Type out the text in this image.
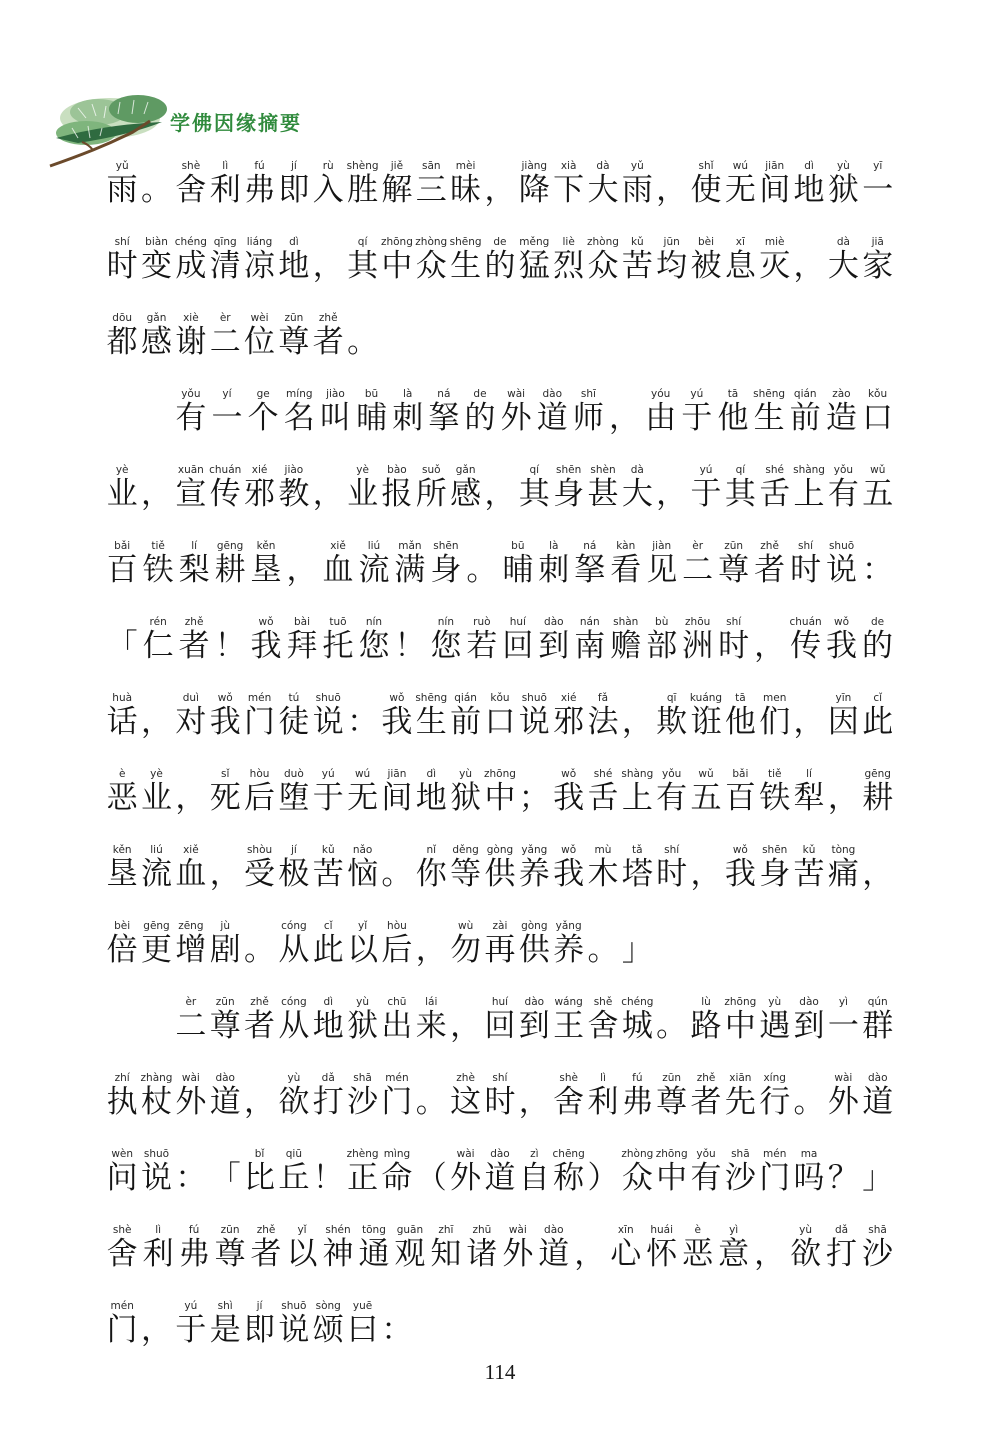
学佛因缘摘要
yǔ
雨 。
shè
舍
lì
利
fú
弗
jí
即
rù
入
shèng
胜
jiě
解
sān
三
mèi
昧 ，
jiàng
降
xià
下
dà
大
yǔ
雨 ，
shǐ
使
wú
无
jiān
间
dì
地
yù
狱
yī
一
shí
时
biàn
变
chéng
成
qīng
清
liáng
凉
dì
地 ，
qí
其
zhōng
中
zhòng
众
shēng
生
de
的
měng
猛
liè
烈
zhòng
众
kǔ
苦
jūn
均
bèi
被
xī
息
miè
灭 ，
dà
大
jiā
家
dōu
都
gǎn
感
xiè
谢
èr
二
wèi
位
zūn
尊
zhě
者 。
yǒu
有
yí
一
ge
个
míng
名
jiào
叫
bū
晡
là
刺
ná
拏
de
的
wài
外
dào
道
shī
师 ，
yóu
由
yú
于
tā
他
shēng
生
qián
前
zào
造
kǒu
口
yè
业 ，
xuān
宣
chuán
传
xié
邪
jiào
教 ，
yè
业
bào
报
suǒ
所
gǎn
感 ，
qí
其
shēn
身
shèn
甚
dà
大 ，
yú
于
qí
其
shé
舌
shàng
上
yǒu
有
wǔ
五
bǎi
百
tiě
铁
lí
梨
gēng
耕
kěn
垦 ，
xiě
血
liú
流
mǎn
满
shēn
身 。
bū
晡
là
刺
ná
拏
kàn
看
jiàn
见
èr
二
zūn
尊
zhě
者
shí
时
shuō
说 ：
「
rén
仁
zhě
者 ！
wǒ
我
bài
拜
tuō
托
nín
您 ！
nín
您
ruò
若
huí
回
dào
到
nán
南
shàn
赡
bù
部
zhōu
洲
shí
时 ，
chuán
传
wǒ
我
de
的
huà
话 ，
duì
对
wǒ
我
mén
门
tú
徒
shuō
说 ：
wǒ
我
shēng
生
qián
前
kǒu
口
shuō
说
xié
邪
fǎ
法 ，
qī
欺
kuáng
诳
tā
他
men
们 ，
yīn
因
cǐ
此
è
恶
yè
业 ，
sǐ
死
hòu
后
duò
堕
yú
于
wú
无
jiān
间
dì
地
yù
狱
zhōng
中 ；
wǒ
我
shé
舌
shàng
上
yǒu
有
wǔ
五
bǎi
百
tiě
铁
lí
犁 ，
gēng
耕
kěn
垦
liú
流
xiě
血 ，
shòu
受
jí
极
kǔ
苦
nǎo
恼 。
nǐ
你
děng
等
gòng
供
yǎng
养
wǒ
我
mù
木
tǎ
塔
shí
时 ，
wǒ
我
shēn
身
kǔ
苦
tòng
痛 ，
bèi
倍
gēng
更
zēng
增
jù
剧 。
cóng
从
cǐ
此
yǐ
以
hòu
后 ，
wù
勿
zài
再
gòng
供
yǎng
养 。 」
èr
二
zūn
尊
zhě
者
cóng
从
dì
地
yù
狱
chū
出
lái
来 ，
huí
回
dào
到
wáng
王
shě
舍
chéng
城 。
lù
路
zhōng
中
yù
遇
dào
到
yì
一
qún
群
zhí
执
zhàng
杖
wài
外
dào
道 ，
yù
欲
dǎ
打
shā
沙
mén
门 。
zhè
这
shí
时 ，
shè
舍
lì
利
fú
弗
zūn
尊
zhě
者
xiān
先
xíng
行 。
wài
外
dào
道
wèn
问
shuō
说 ： 「
bǐ
比
qiū
丘 ！
zhèng
正
mìng
命 （
wài
外
dào
道
zì
自
chēng
称 ）
zhòng
众
zhōng
中
yǒu
有
shā
沙
mén
门
ma
吗 ？ 」
shè
舍
lì
利
fú
弗
zūn
尊
zhě
者
yǐ
以
shén
神
tōng
通
guān
观
zhī
知
zhū
诸
wài
外
dào
道 ，
xīn
心
huái
怀
è
恶
yì
意 ，
yù
欲
dǎ
打
shā
沙
mén
门 ，
yú
于
shì
是
jí
即
shuō
说
sòng
颂
yuē
曰 ：
114
